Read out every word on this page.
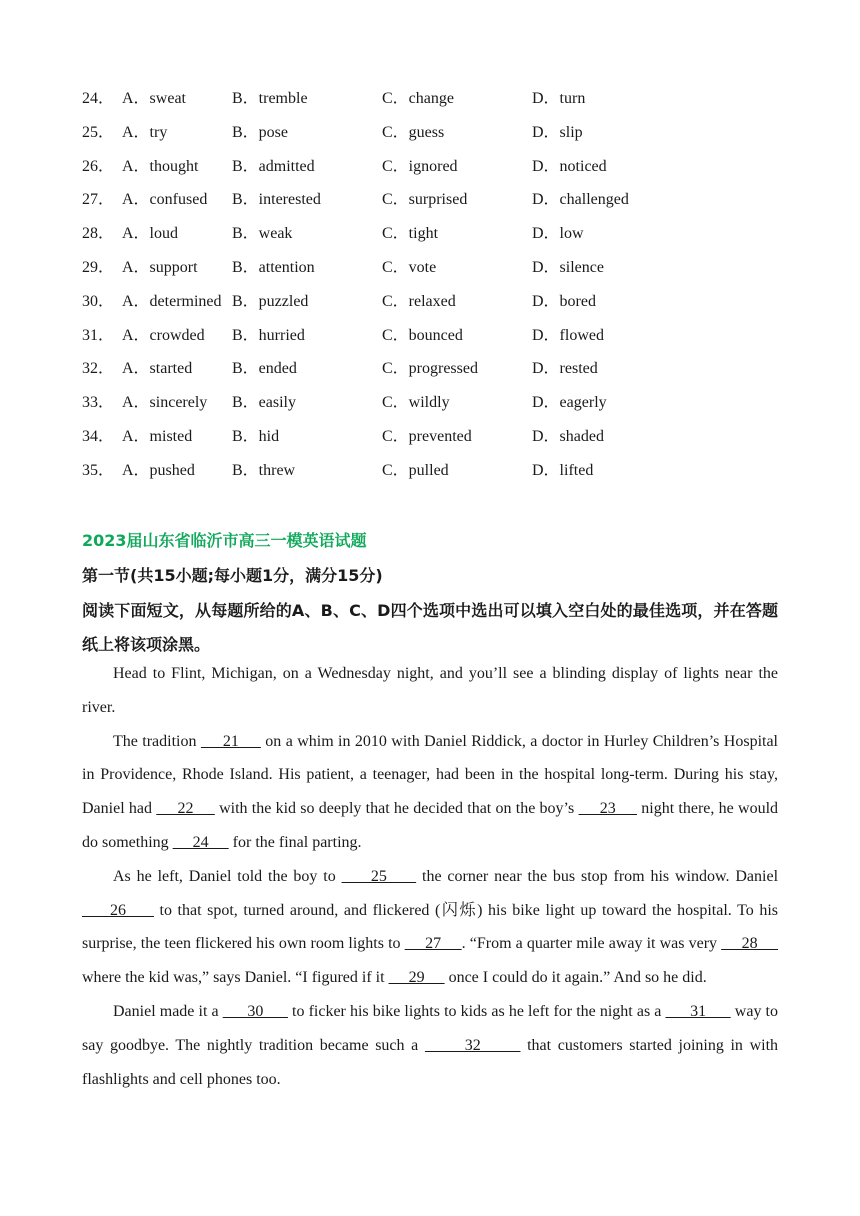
24． A．sweat	B．tremble	C．change	D．turn
25． A．try	B．pose	C．guess	D．slip
26． A．thought B．admitted	C．ignored	D．noticed
27． A．confused B．interested	C．surprised	D．challenged
28． A．loud	B．weak	C．tight	D．low
29． A．support B．attention	C．vote	D．silence
30． A．determined B．puzzled	C．relaxed	D．bored
31． A．crowded B．hurried	C．bounced	D．flowed
32． A．started B．ended	C．progressed	D．rested
33． A．sincerely B．easily	C．wildly	D．eagerly
34． A．misted B．hid	C．prevented	D．shaded
35． A．pushed B．threw	C．pulled	D．lifted
2023届山东省临沂市高三一模英语试题
第一节(共15小题;每小题1分，满分15分)
阅读下面短文，从每题所给的A、B、C、D四个选项中选出可以填入空白处的最佳选项，并在答题纸上将该项涂黑。

Head to Flint, Michigan, on a Wednesday night, and you’ll see a blinding display of lights near the river.

The tradition      21      on a whim in 2010 with Daniel Riddick, a doctor in Hurley Children’s Hospital in Providence, Rhode Island. His patient, a teenager, had been in the hospital long-term. During his stay, Daniel had      22      with the kid so deeply that he decided that on the boy’s      23      night there, he would do something      24      for the final parting.

As he left, Daniel told the boy to      25      the corner near the bus stop from his window. Daniel      26      to that spot, turned around, and flickered (闪烁) his bike light up toward the hospital. To his surprise, the teen flickered his own room lights to      27     . “From a quarter mile away it was very      28      where the kid was,” says Daniel. “I figured if it      29      once I could do it again.” And so he did.

Daniel made it a       30       to ficker his bike lights to kids as he left for the night as a       31       way to say goodbye. The nightly tradition became such a       32       that customers started joining in with flashlights and cell phones too.
